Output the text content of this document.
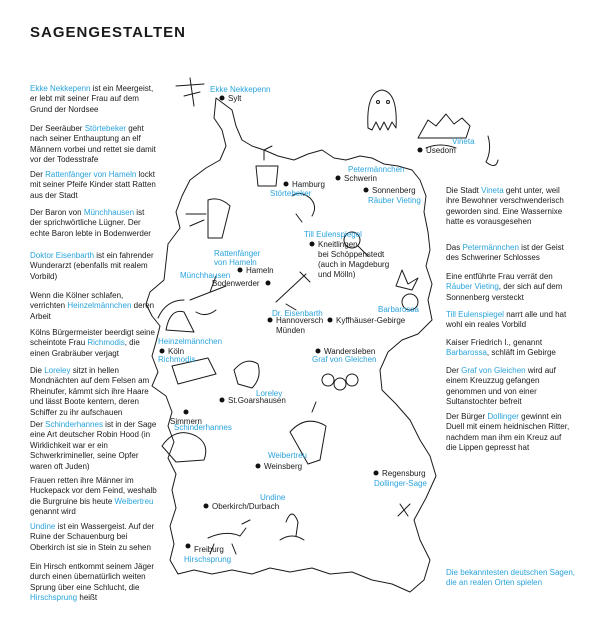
SAGENGESTALTEN

Ekke Nekkepenn ist ein Meergeist, er lebt mit seiner Frau auf dem Grund der Nordsee

Der Seeräuber Störtebeker geht nach seiner Enthauptung an elf Männern vorbei und rettet sie damit vor der Todesstrafe

Der Rattenfänger von Hameln lockt mit seiner Pfeife Kinder statt Ratten aus der Stadt

Der Baron von Münchhausen ist der sprichwörtliche Lügner. Der echte Baron lebte in Bodenwerder

Doktor Eisenbarth ist ein fahrender Wunderarzt (ebenfalls mit realem Vorbild)

Wenn die Kölner schlafen, verrichten Heinzelmännchen deren Arbeit

Kölns Bürgermeister beerdigt seine scheintote Frau Richmodis, die einen Grabräuber verjagt

Die Loreley sitzt in hellen Mondnächten auf dem Felsen am Rheinufer, kämmt sich ihre Haare und lässt Boote kentern, deren Schiffer zu ihr aufschauen

Der Schinderhannes ist in der Sage eine Art deutscher Robin Hood (in Wirklichkeit war er ein Schwerkrimineller, seine Opfer waren oft Juden)

Frauen retten ihre Männer im Huckepack vor dem Feind, weshalb die Burgruine bis heute Weibertreu genannt wird

Undine ist ein Wassergeist. Auf der Ruine der Schauenburg bei Oberkirch ist sie in Stein zu sehen

Ein Hirsch entkommt seinem Jäger durch einen übernatürlich weiten Sprung über eine Schlucht, die Hirschsprung heißt

Die Stadt Vineta geht unter, weil ihre Bewohner verschwenderisch geworden sind. Eine Wassernixe hatte es vorausgesehen

Das Petermännchen ist der Geist des Schweriner Schlosses

Eine entführte Frau verrät den Räuber Vieting, der sich auf dem Sonnenberg versteckt

Till Eulenspiegel narrt alle und hat wohl ein reales Vorbild

Kaiser Friedrich I., genannt Barbarossa, schläft im Gebirge

Der Graf von Gleichen wird auf einem Kreuzzug gefangen genommen und von einer Sultanstochter befreit

Der Bürger Dollinger gewinnt ein Duell mit einem heidnischen Ritter, nachdem man ihm ein Kreuz auf die Lippen gepresst hat

Die bekanntesten deutschen Sagen, die an realen Orten spielen
Sylt
Usedom
Hamburg
Schwerin
Sonnenberg
Kneitlingen
bei Schöppenstedt
(auch in Magdeburg
und Mölln)
Hameln
Bodenwerder
Hannoversch
Münden
Kyffhäuser-Gebirge
Wandersleben
Köln
St.Goarshausen
Simmern
Weinsberg
Regensburg
Oberkirch/Durbach
Freiburg
Ekke Nekkepenn
Vineta
Petermännchen
Störtebeker
Räuber Vieting
Till Eulenspiegel
Rattenfänger von Hameln
Münchhausen
Dr. Eisenbarth	Barbarossa
Heinzelmännchen
Richmodis	Graf von Gleichen
Loreley
Schinderhannes
Weibertreu
Dollinger-Sage
Undine
Hirschsprung
